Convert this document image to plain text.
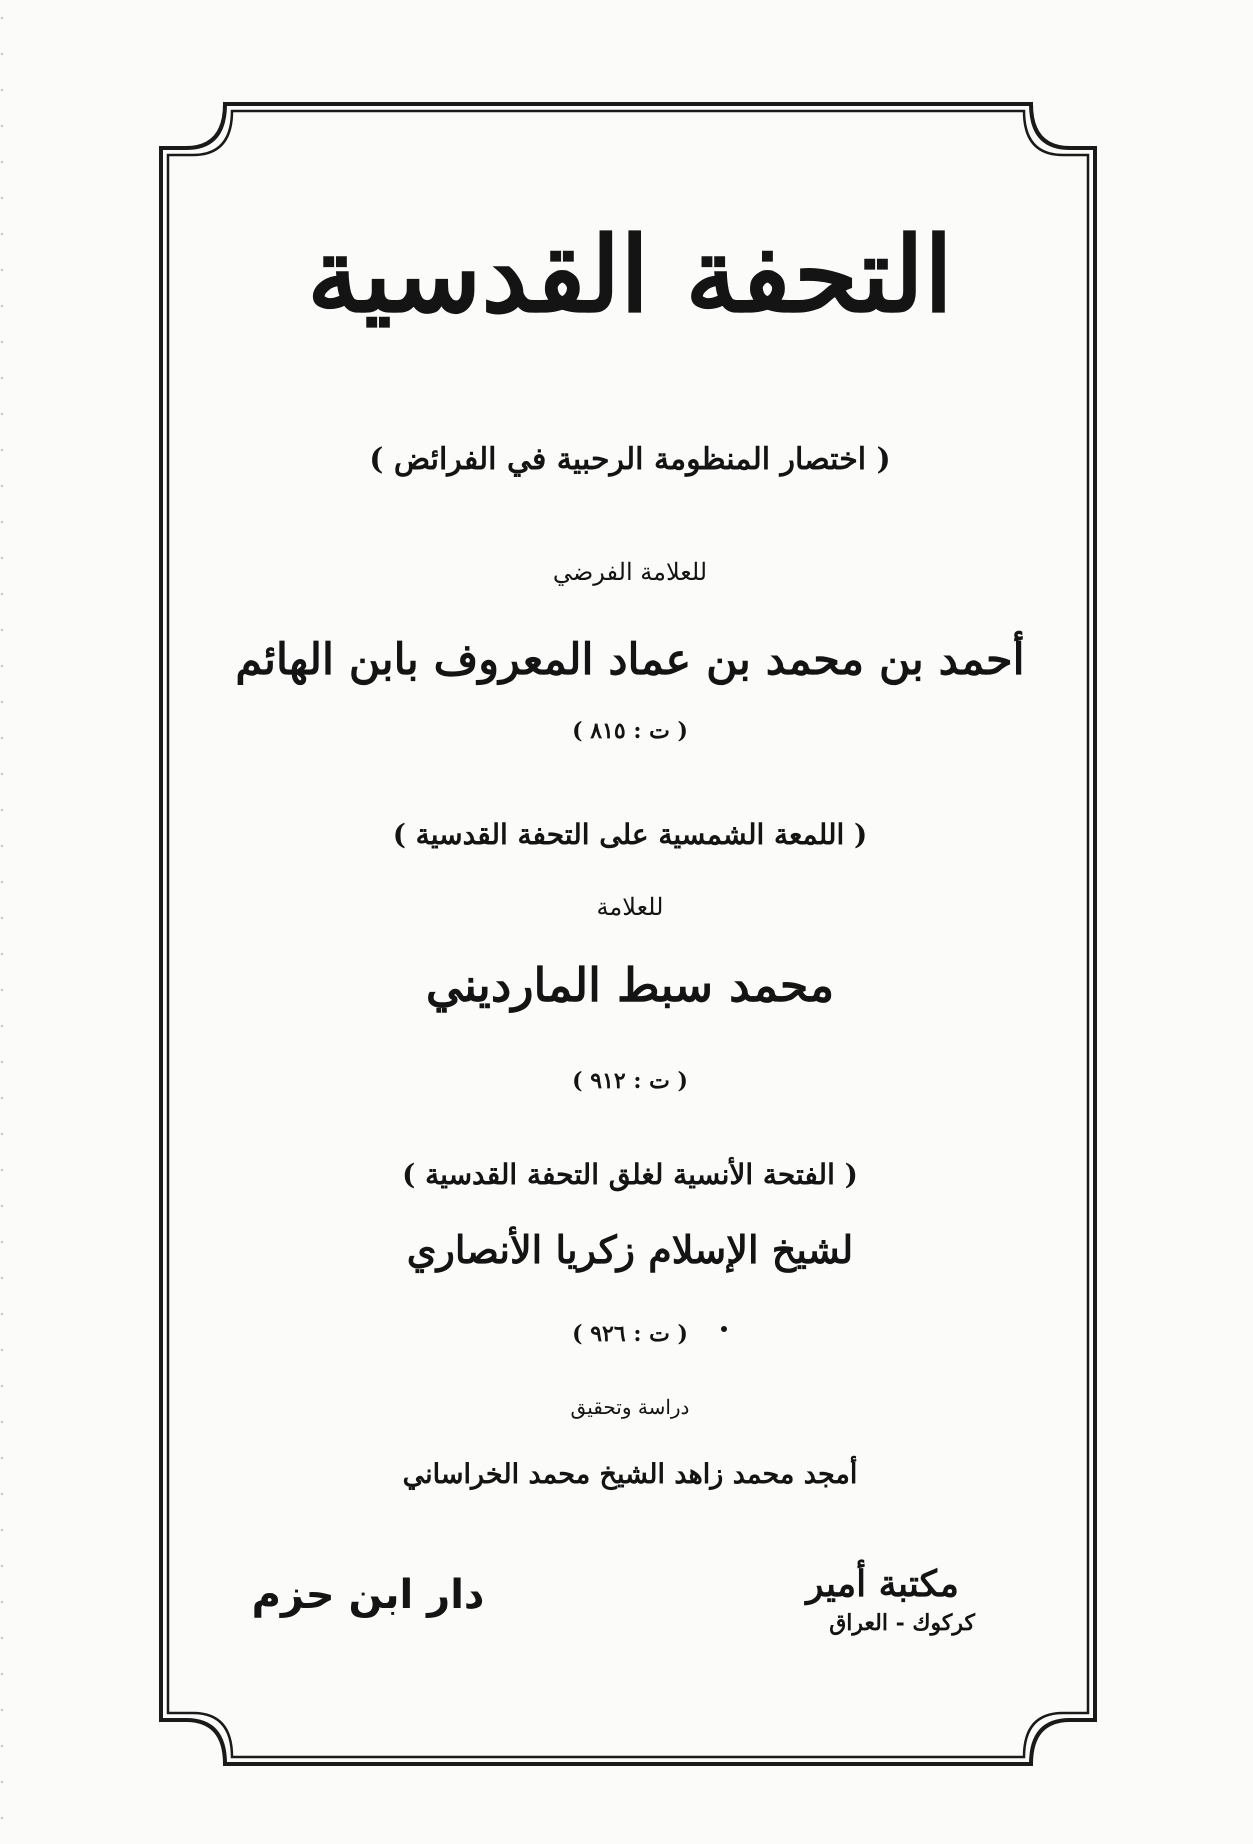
التحفة القدسية
( اختصار المنظومة الرحبية في الفرائض )
للعلامة الفرضي
أحمد بن محمد بن عماد المعروف بابن الهائم
( ت : ٨١٥ )
( اللمعة الشمسية على التحفة القدسية )
للعلامة
محمد سبط المارديني
( ت : ٩١٢ )
( الفتحة الأنسية لغلق التحفة القدسية )
لشيخ الإسلام زكريا الأنصاري
( ت : ٩٢٦ )
دراسة وتحقيق
أمجد محمد زاهد الشيخ محمد الخراساني
دار ابن حزم	مكتبة أمير
كركوك - العراق
